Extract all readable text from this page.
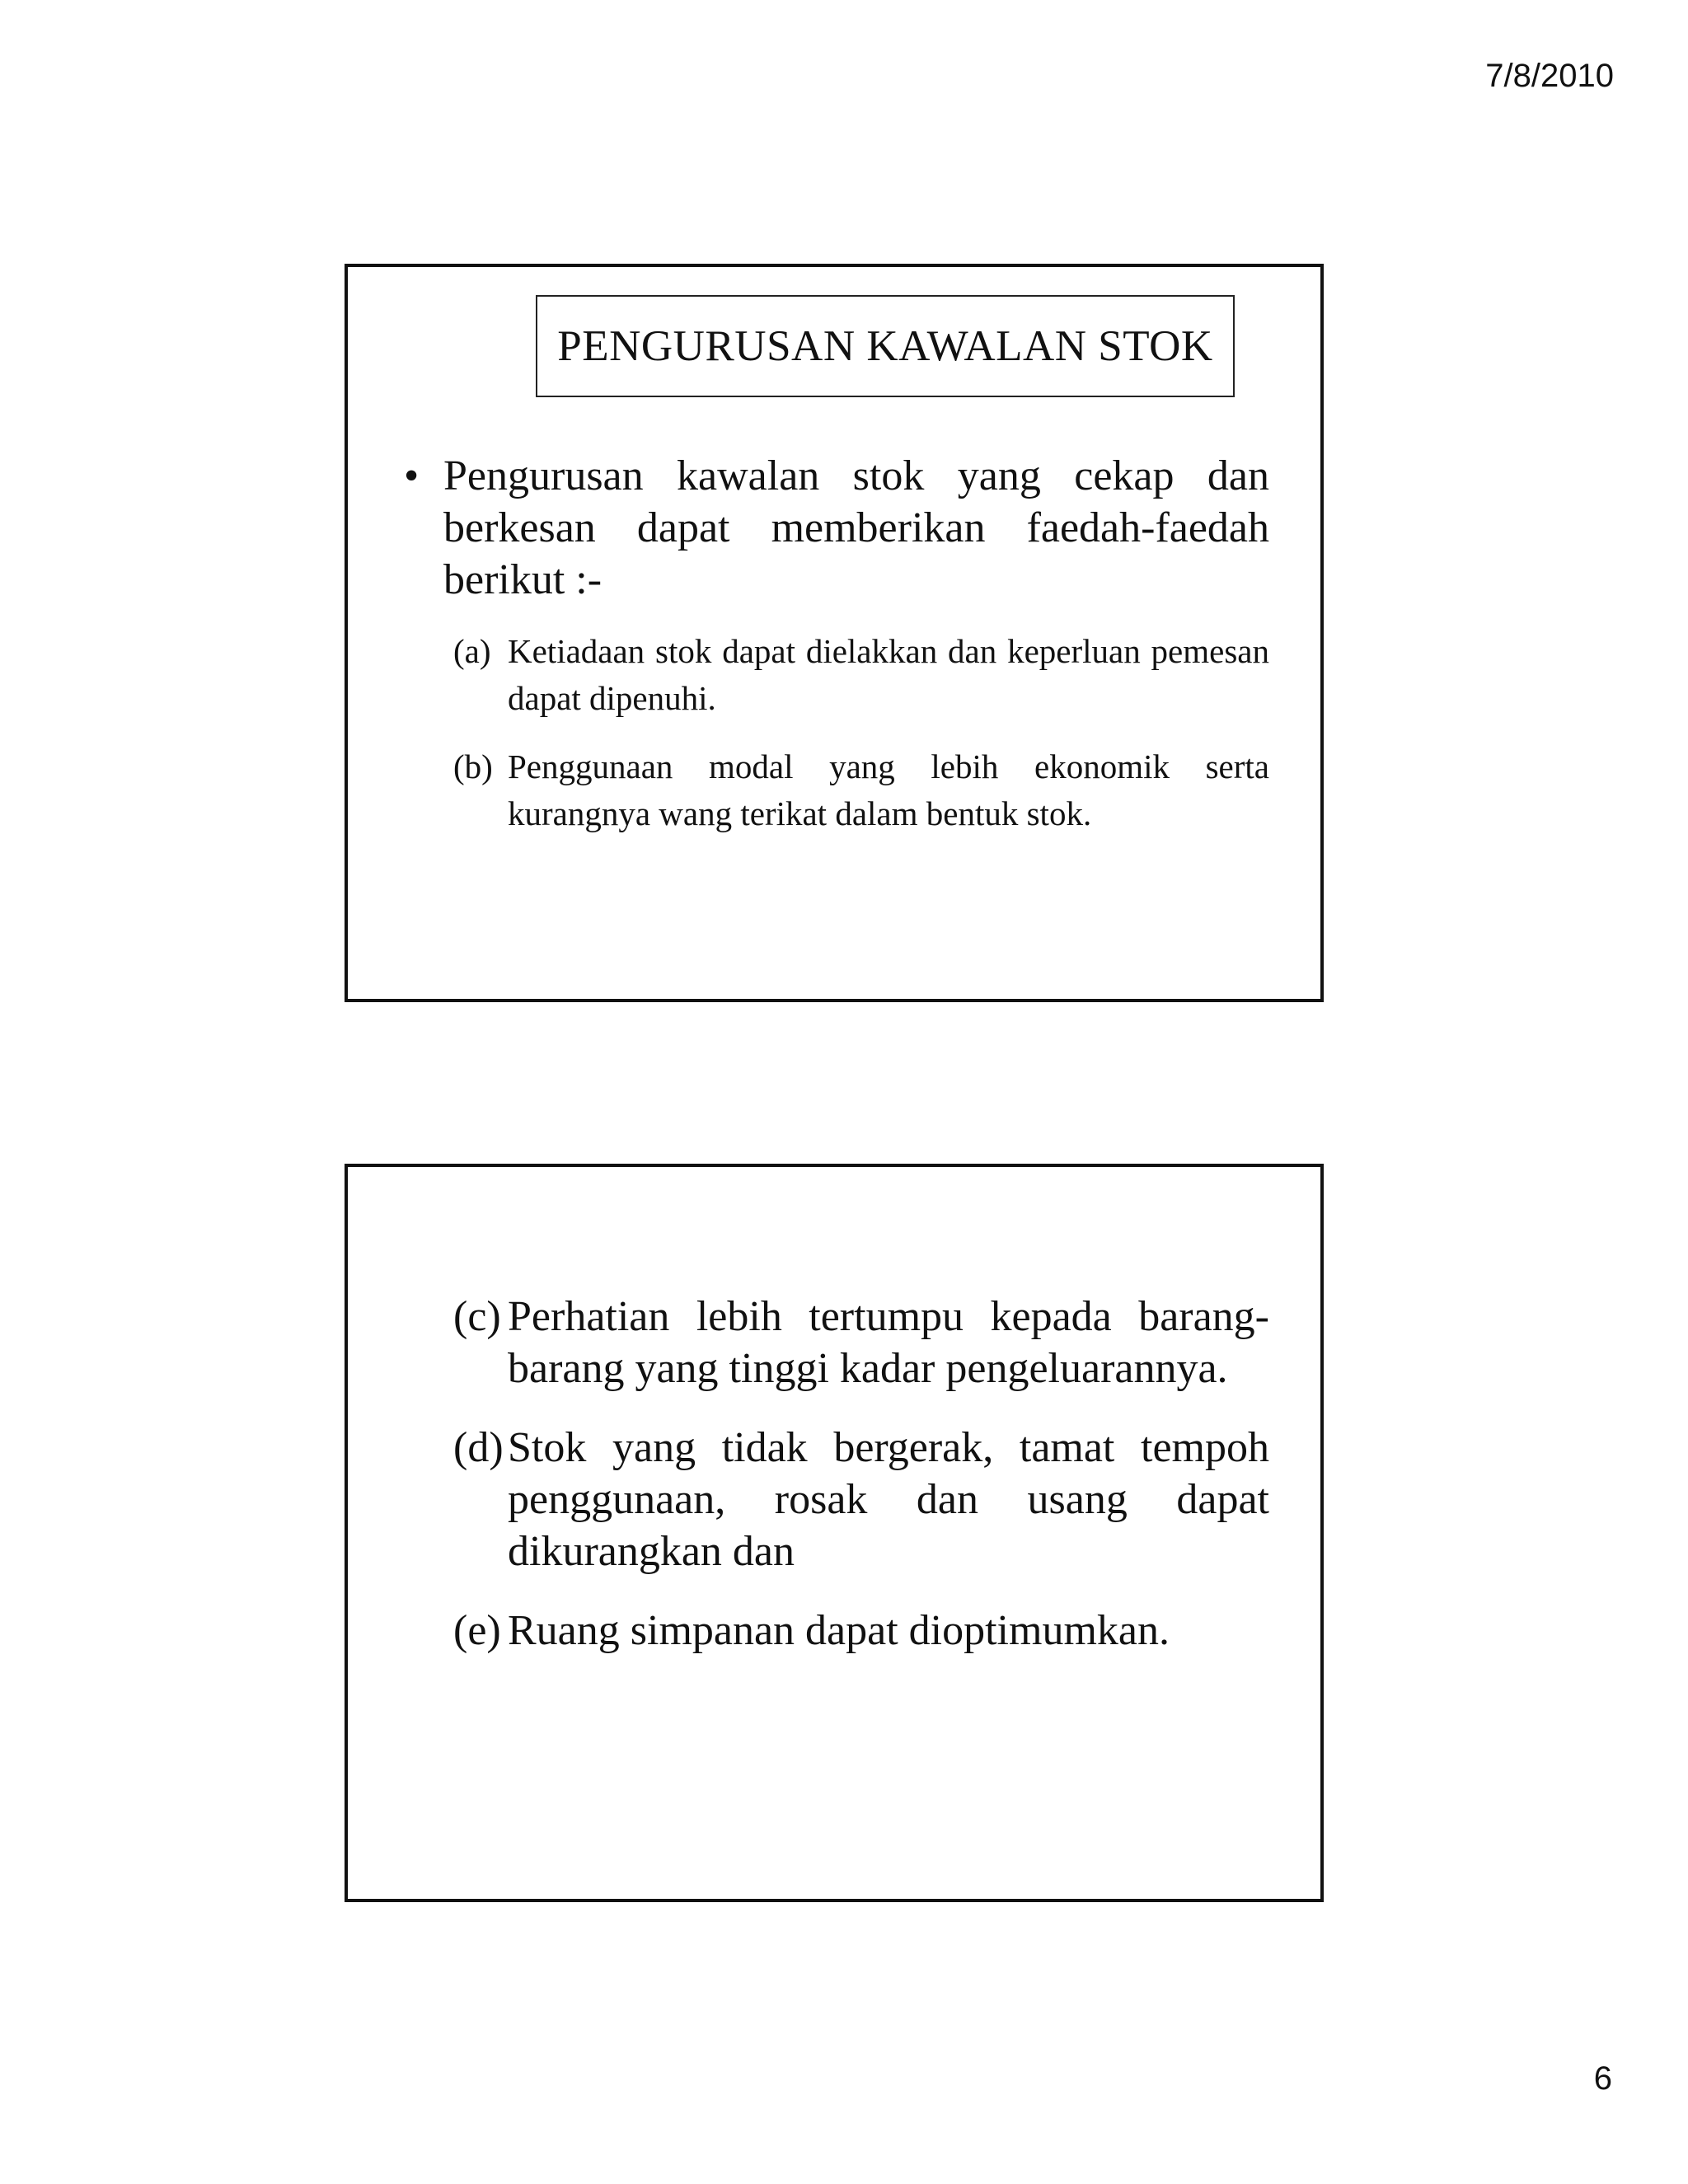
7/8/2010
PENGURUSAN KAWALAN STOK
• Pengurusan kawalan stok yang cekap dan berkesan dapat memberikan faedah-faedah berikut :-
(a) Ketiadaan stok dapat dielakkan dan keperluan pemesan dapat dipenuhi.
(b) Penggunaan modal yang lebih ekonomik serta kurangnya wang terikat dalam bentuk stok.
(c) Perhatian lebih tertumpu kepada barang-barang yang tinggi kadar pengeluarannya.
(d) Stok yang tidak bergerak, tamat tempoh penggunaan, rosak dan usang dapat dikurangkan dan
(e) Ruang simpanan dapat dioptimumkan.
6
